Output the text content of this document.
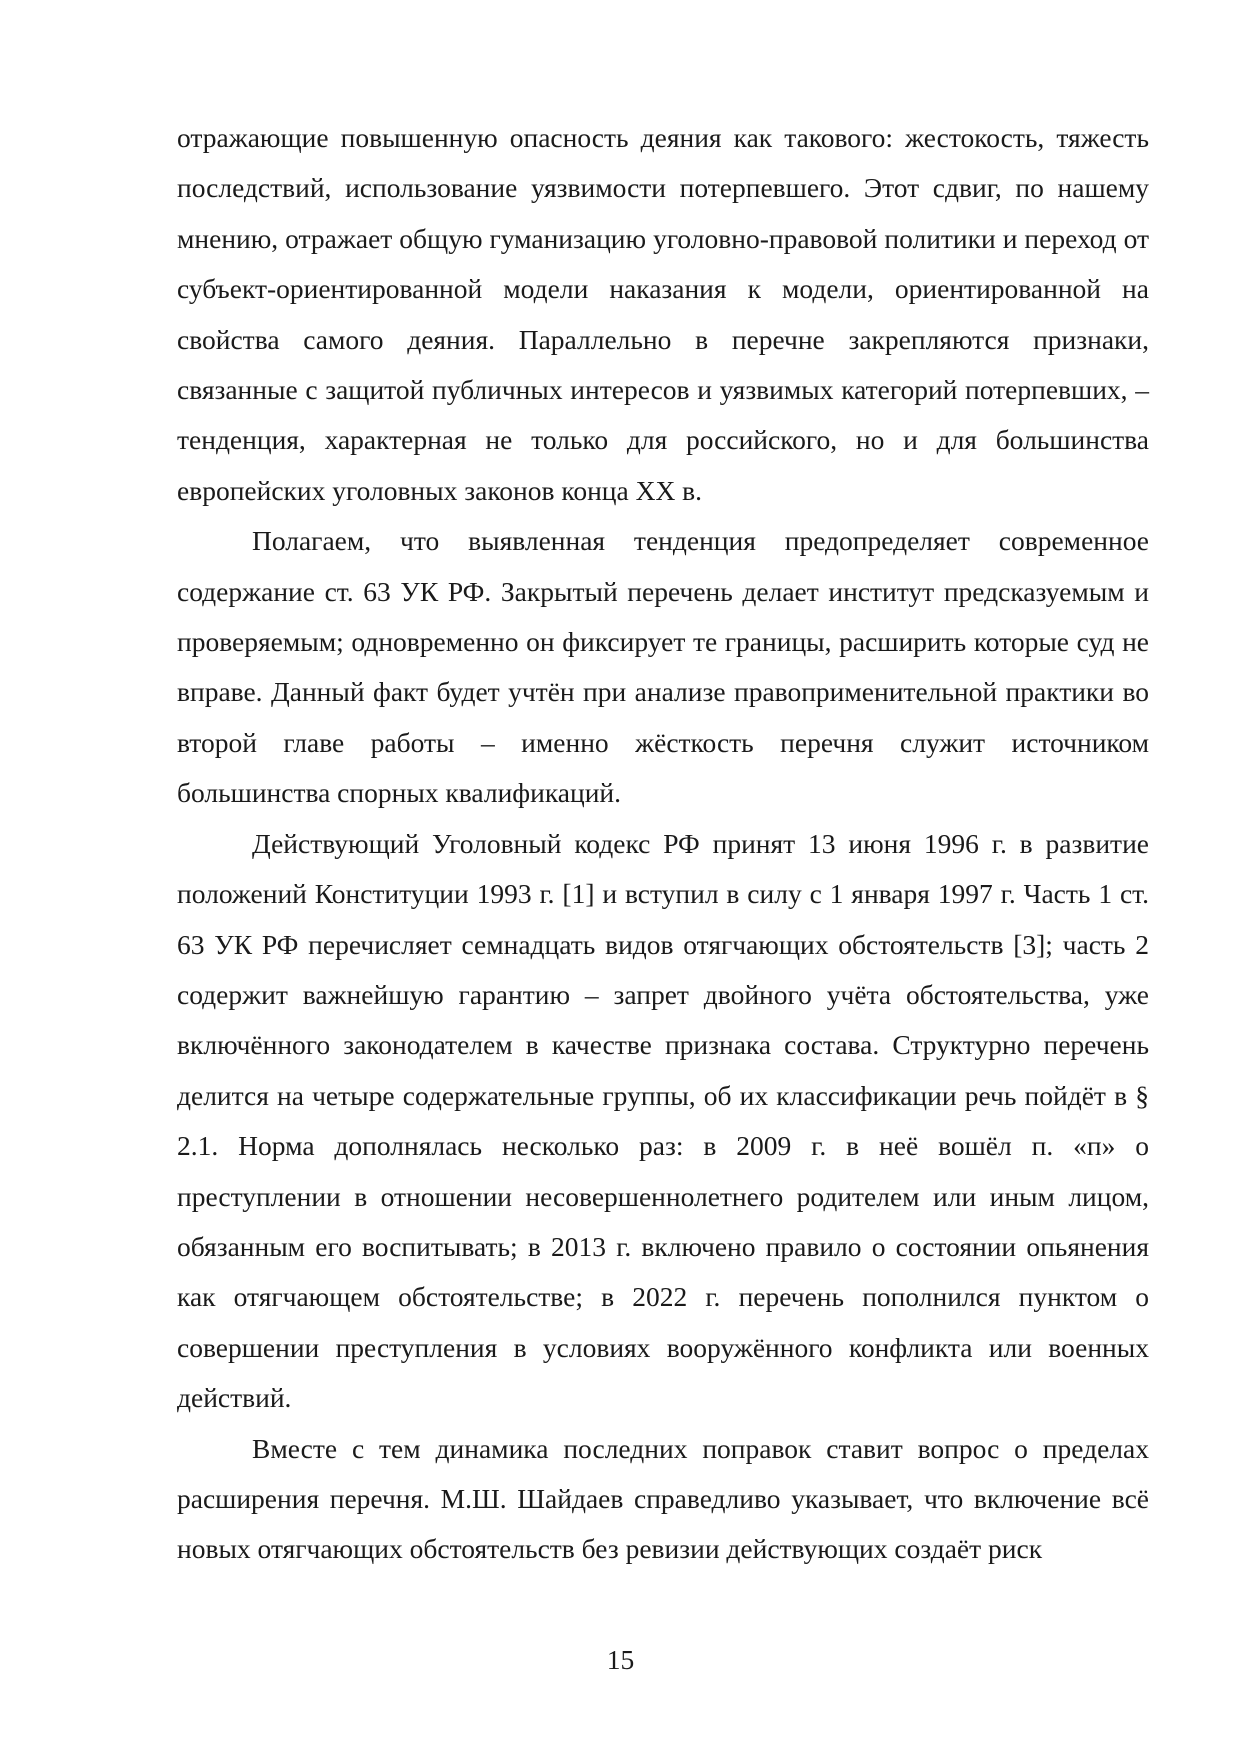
отражающие повышенную опасность деяния как такового: жестокость, тяжесть последствий, использование уязвимости потерпевшего. Этот сдвиг, по нашему мнению, отражает общую гуманизацию уголовно-правовой политики и переход от субъект-ориентированной модели наказания к модели, ориентированной на свойства самого деяния. Параллельно в перечне закрепляются признаки, связанные с защитой публичных интересов и уязвимых категорий потерпевших, – тенденция, характерная не только для российского, но и для большинства европейских уголовных законов конца XX в.

Полагаем, что выявленная тенденция предопределяет современное содержание ст. 63 УК РФ. Закрытый перечень делает институт предсказуемым и проверяемым; одновременно он фиксирует те границы, расширить которые суд не вправе. Данный факт будет учтён при анализе правоприменительной практики во второй главе работы – именно жёсткость перечня служит источником большинства спорных квалификаций.

Действующий Уголовный кодекс РФ принят 13 июня 1996 г. в развитие положений Конституции 1993 г. [1] и вступил в силу с 1 января 1997 г. Часть 1 ст. 63 УК РФ перечисляет семнадцать видов отягчающих обстоятельств [3]; часть 2 содержит важнейшую гарантию – запрет двойного учёта обстоятельства, уже включённого законодателем в качестве признака состава. Структурно перечень делится на четыре содержательные группы, об их классификации речь пойдёт в § 2.1. Норма дополнялась несколько раз: в 2009 г. в неё вошёл п. «п» о преступлении в отношении несовершеннолетнего родителем или иным лицом, обязанным его воспитывать; в 2013 г. включено правило о состоянии опьянения как отягчающем обстоятельстве; в 2022 г. перечень пополнился пунктом о совершении преступления в условиях вооружённого конфликта или военных действий.

Вместе с тем динамика последних поправок ставит вопрос о пределах расширения перечня. М.Ш. Шайдаев справедливо указывает, что включение всё новых отягчающих обстоятельств без ревизии действующих создаёт риск

15
